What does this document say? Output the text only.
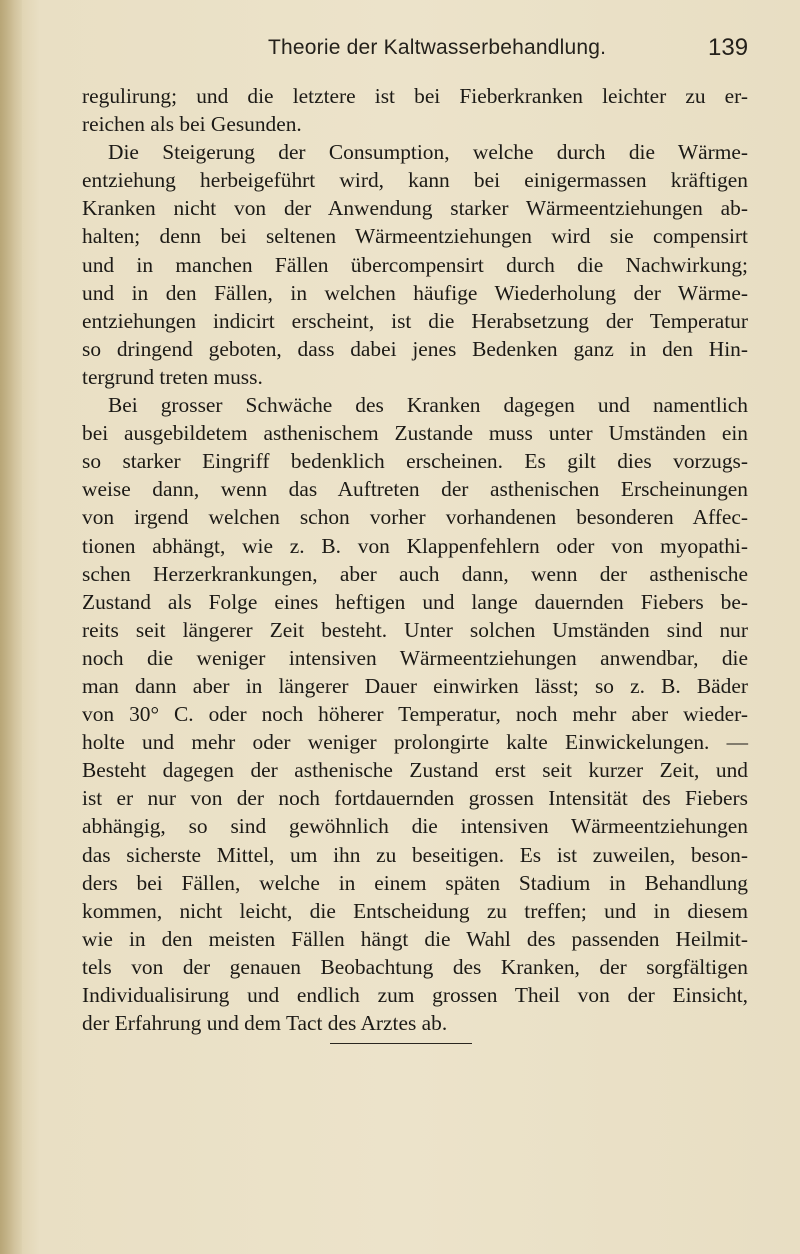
Theorie der Kaltwasserbehandlung.	139
regulirung; und die letztere ist bei Fieberkranken leichter zu er-
reichen als bei Gesunden.
Die Steigerung der Consumption, welche durch die Wärme-
entziehung herbeigeführt wird, kann bei einigermassen kräftigen
Kranken nicht von der Anwendung starker Wärmeentziehungen ab-
halten; denn bei seltenen Wärmeentziehungen wird sie compensirt
und in manchen Fällen übercompensirt durch die Nachwirkung;
und in den Fällen, in welchen häufige Wiederholung der Wärme-
entziehungen indicirt erscheint, ist die Herabsetzung der Temperatur
so dringend geboten, dass dabei jenes Bedenken ganz in den Hin-
tergrund treten muss.
Bei grosser Schwäche des Kranken dagegen und namentlich
bei ausgebildetem asthenischem Zustande muss unter Umständen ein
so starker Eingriff bedenklich erscheinen. Es gilt dies vorzugs-
weise dann, wenn das Auftreten der asthenischen Erscheinungen
von irgend welchen schon vorher vorhandenen besonderen Affec-
tionen abhängt, wie z. B. von Klappenfehlern oder von myopathi-
schen Herzerkrankungen, aber auch dann, wenn der asthenische
Zustand als Folge eines heftigen und lange dauernden Fiebers be-
reits seit längerer Zeit besteht. Unter solchen Umständen sind nur
noch die weniger intensiven Wärmeentziehungen anwendbar, die
man dann aber in längerer Dauer einwirken lässt; so z. B. Bäder
von 30° C. oder noch höherer Temperatur, noch mehr aber wieder-
holte und mehr oder weniger prolongirte kalte Einwickelungen. —
Besteht dagegen der asthenische Zustand erst seit kurzer Zeit, und
ist er nur von der noch fortdauernden grossen Intensität des Fiebers
abhängig, so sind gewöhnlich die intensiven Wärmeentziehungen
das sicherste Mittel, um ihn zu beseitigen. Es ist zuweilen, beson-
ders bei Fällen, welche in einem späten Stadium in Behandlung
kommen, nicht leicht, die Entscheidung zu treffen; und in diesem
wie in den meisten Fällen hängt die Wahl des passenden Heilmit-
tels von der genauen Beobachtung des Kranken, der sorgfältigen
Individualisirung und endlich zum grossen Theil von der Einsicht,
der Erfahrung und dem Tact des Arztes ab.
